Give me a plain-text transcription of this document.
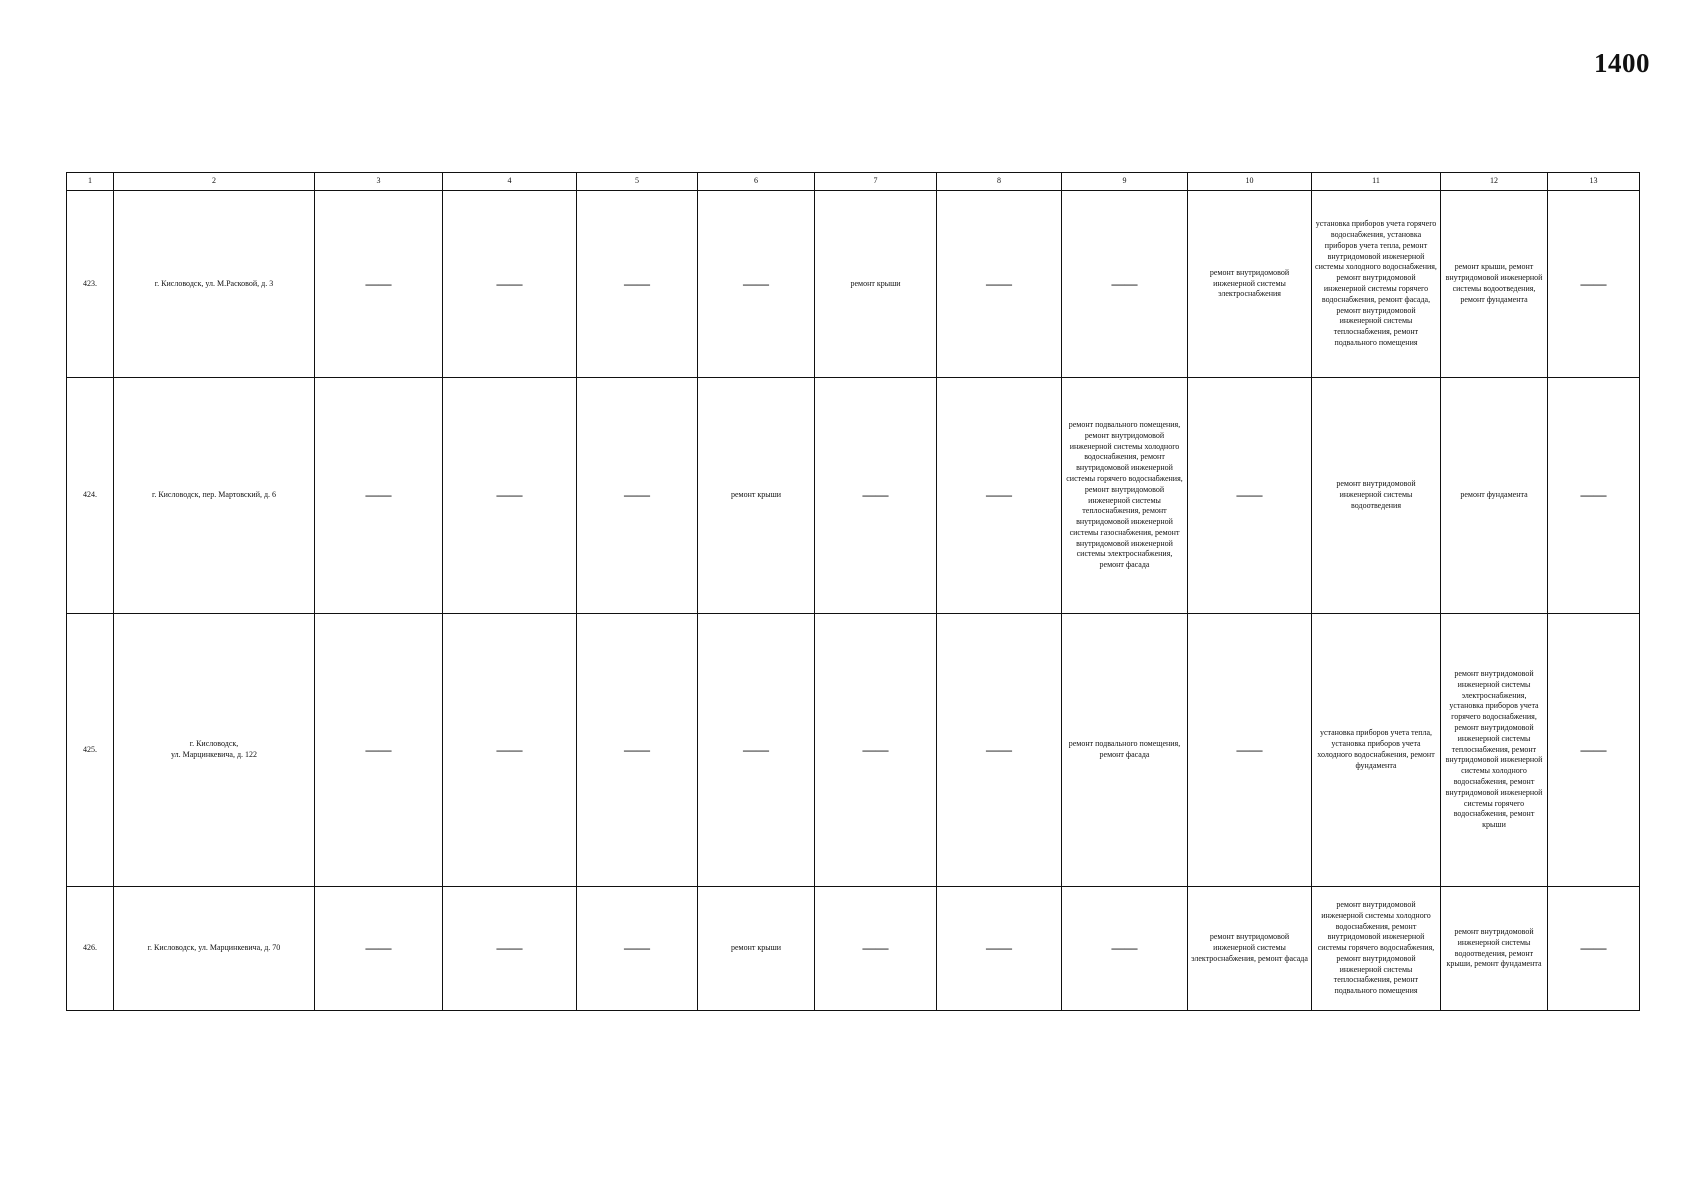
1400
1	2	3	4	5	6	7	8	9	10	11	12	13
423.	г. Кисловодск, ул. М.Расковой, д. 3	——	——	——	——	ремонт крыши	——	——	ремонт внутридомовой инженерной системы электроснабжения	установка приборов учета горячего водоснабжения, установка приборов учета тепла, ремонт внутридомовой инженерной системы холодного водоснабжения, ремонт внутридомовой инженерной системы горячего водоснабжения, ремонт фасада, ремонт внутридомовой инженерной системы теплоснабжения, ремонт подвального помещения	ремонт крыши, ремонт внутридомовой инженерной системы водоотведения, ремонт фундамента	——
424.	г. Кисловодск, пер. Мартовский, д. 6	——	——	——	ремонт крыши	——	——	ремонт подвального помещения, ремонт внутридомовой инженерной системы холодного водоснабжения, ремонт внутридомовой инженерной системы горячего водоснабжения, ремонт внутридомовой инженерной системы теплоснабжения, ремонт внутридомовой инженерной системы газоснабжения, ремонт внутридомовой инженерной системы электроснабжения, ремонт фасада	——	ремонт внутридомовой инженерной системы водоотведения	ремонт фундамента	——
425.	г. Кисловодск,
ул. Марцинкевича, д. 122	——	——	——	——	——	——	ремонт подвального помещения, ремонт фасада	——	установка приборов учета тепла, установка приборов учета холодного водоснабжения, ремонт фундамента	ремонт внутридомовой инженерной системы электроснабжения, установка приборов учета горячего водоснабжения, ремонт внутридомовой инженерной системы теплоснабжения, ремонт внутридомовой инженерной системы холодного водоснабжения, ремонт внутридомовой инженерной системы горячего водоснабжения, ремонт крыши	——
426.	г. Кисловодск, ул. Марцинкевича, д. 70	——	——	——	ремонт крыши	——	——	——	ремонт внутридомовой инженерной системы электроснабжения, ремонт фасада	ремонт внутридомовой инженерной системы холодного водоснабжения, ремонт внутридомовой инженерной системы горячего водоснабжения, ремонт внутридомовой инженерной системы теплоснабжения, ремонт подвального помещения	ремонт внутридомовой инженерной системы водоотведения, ремонт крыши, ремонт фундамента	——
